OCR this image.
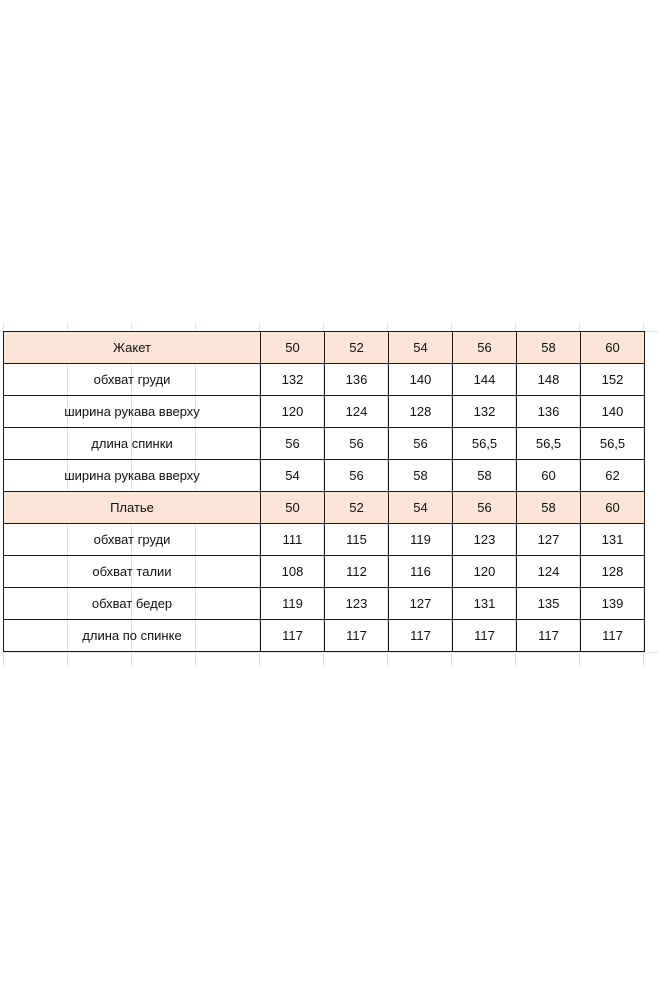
Жакет	50	52	54	56	58	60
обхват груди	132	136	140	144	148	152
ширина рукава вверху	120	124	128	132	136	140
длина спинки	56	56	56	56,5	56,5	56,5
ширина рукава вверху	54	56	58	58	60	62
Платье	50	52	54	56	58	60
обхват груди	111	115	119	123	127	131
обхват талии	108	112	116	120	124	128
обхват бедер	119	123	127	131	135	139
длина по спинке	117	117	117	117	117	117
